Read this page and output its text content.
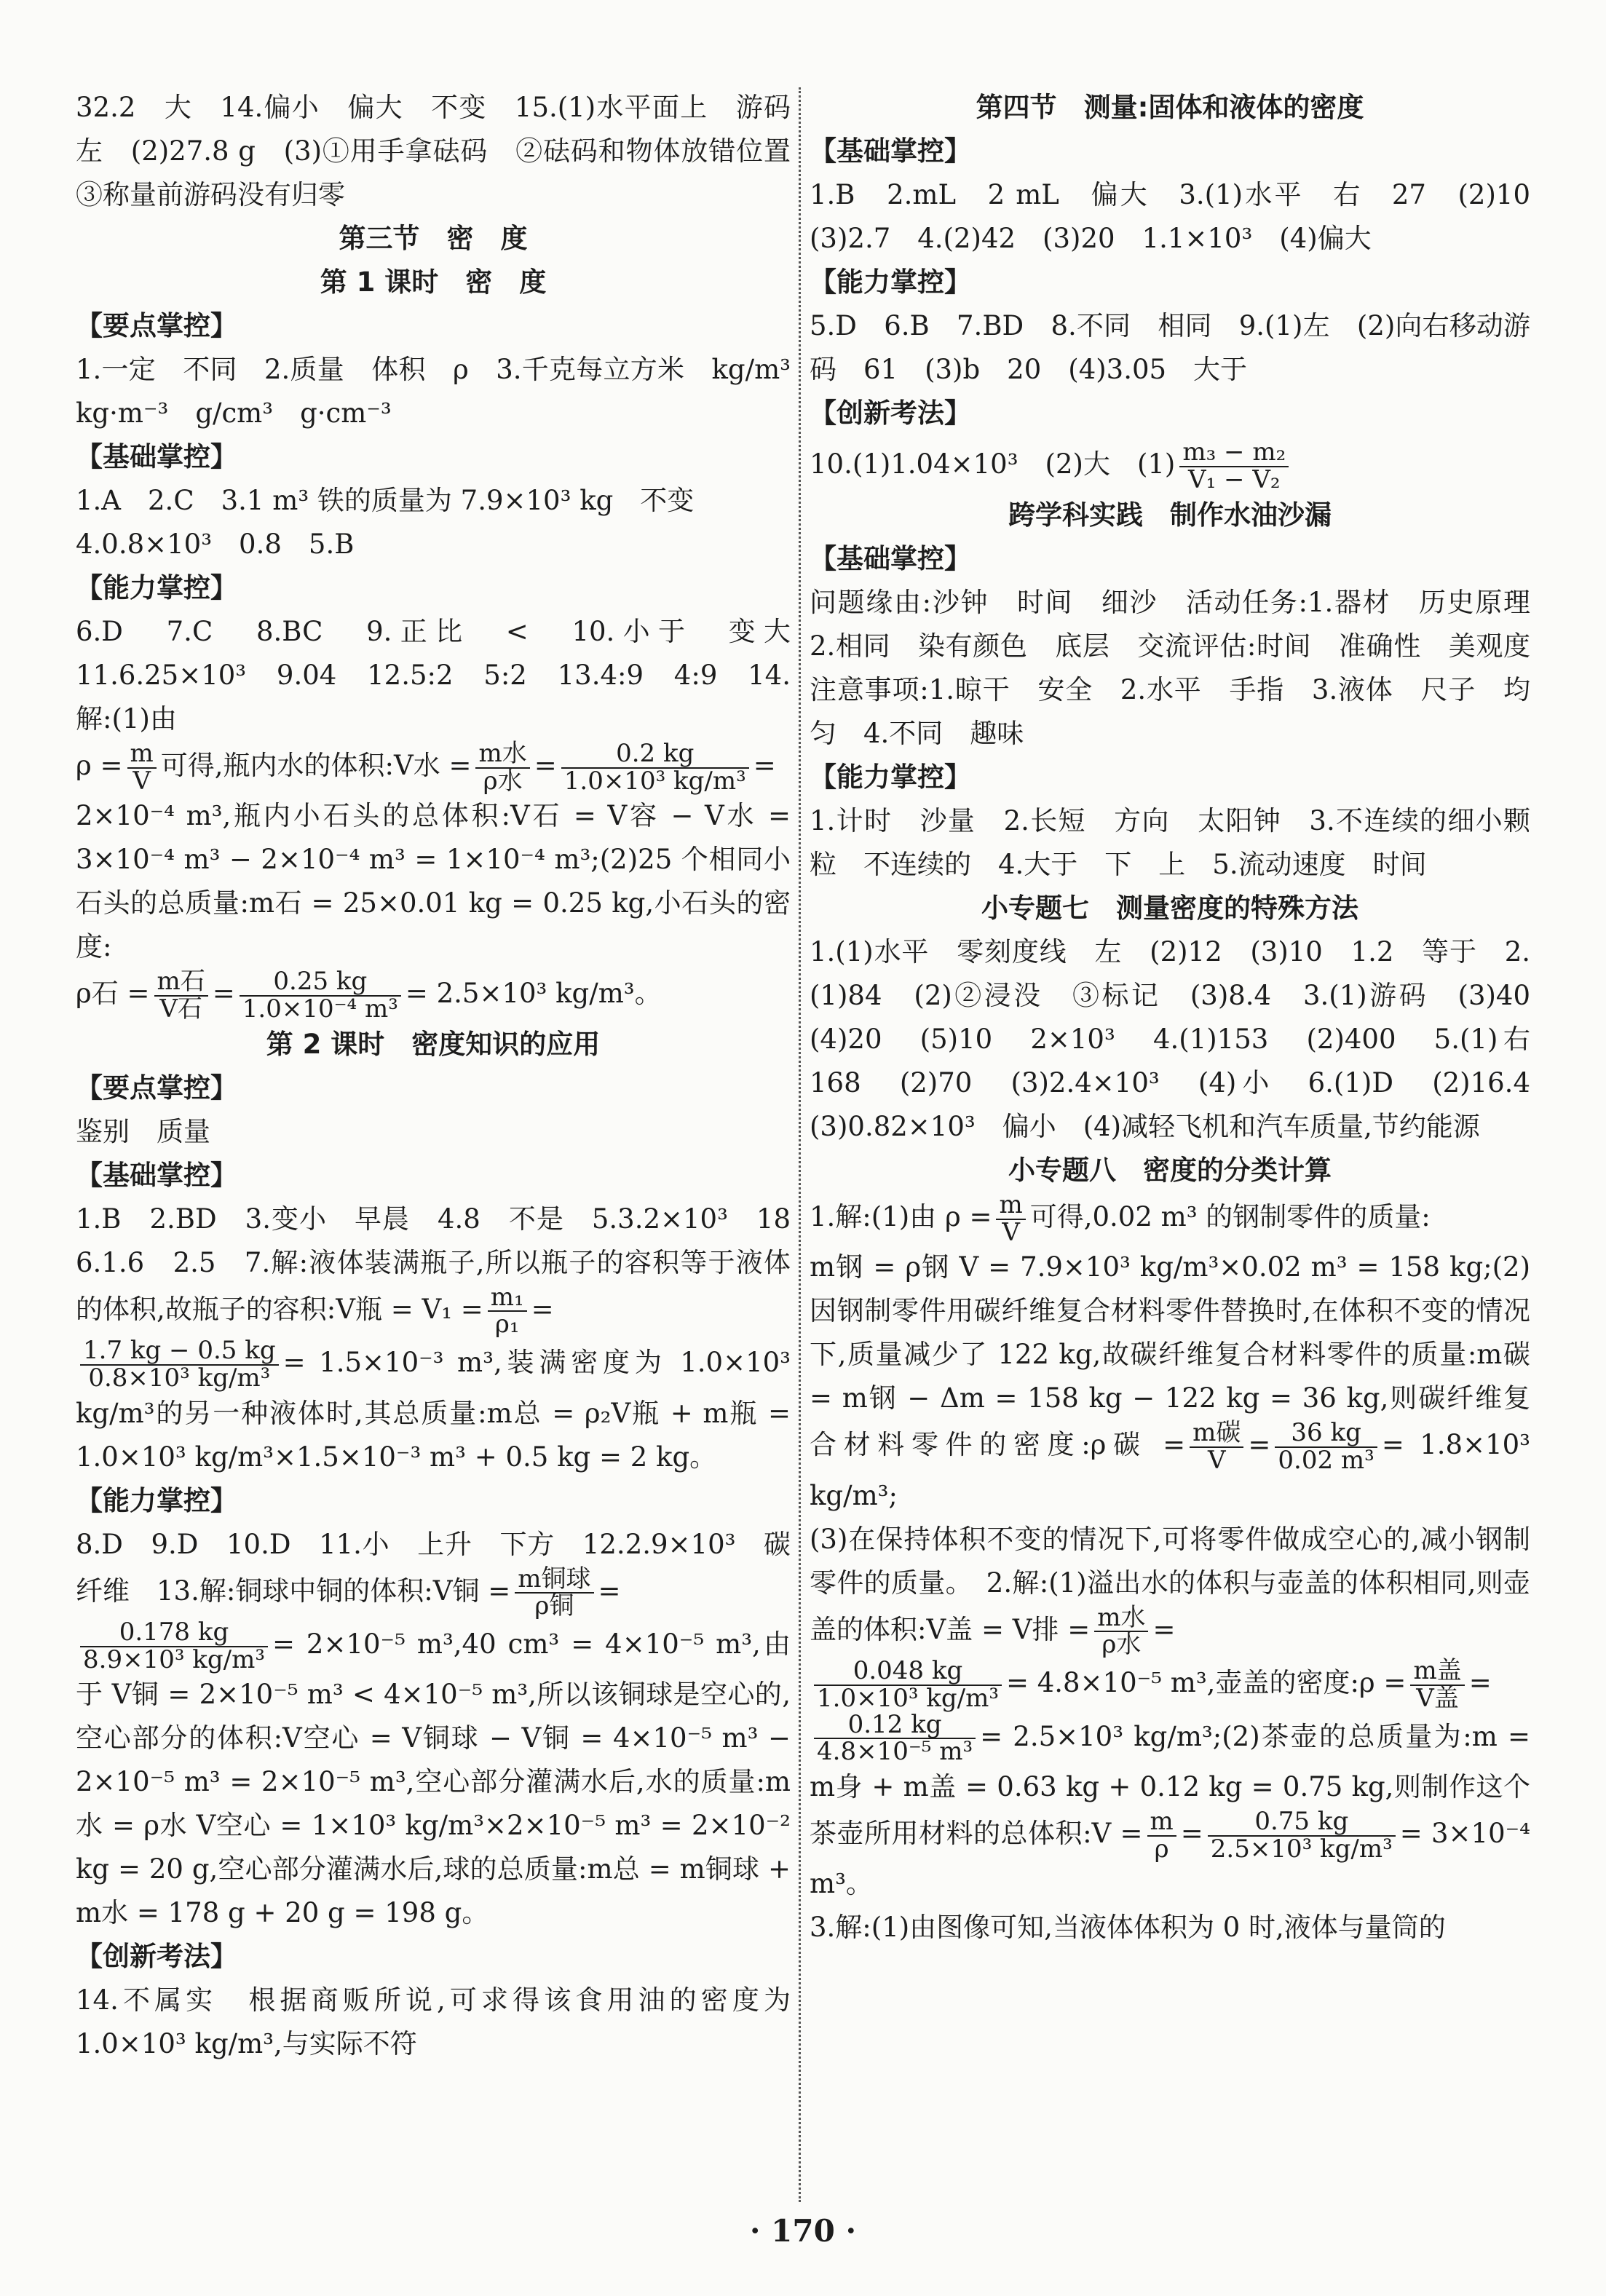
32.2　大　14.偏小　偏大　不变　15.(1)水平面上　游码　左　(2)27.8 g　(3)①用手拿砝码　②砝码和物体放错位置　③称量前游码没有归零
第三节　密　度
第 1 课时　密　度
【要点掌控】
1.一定　不同　2.质量　体积　ρ　3.千克每立方米　kg/m³　kg·m⁻³　g/cm³　g·cm⁻³
【基础掌控】
1.A　2.C　3.1 m³ 铁的质量为 7.9×10³ kg　不变
4.0.8×10³　0.8　5.B
【能力掌控】
6.D　7.C　8.BC　9.正比　<　10.小于　变大　11.6.25×10³　9.04　12.5:2　5:2　13.4:9　4:9　14.解:(1)由
$\rho = \frac{m}{V}$ 可得,瓶内水的体积:V水 = $\frac{\text{m水}}{\text{ρ水}} = \frac{0.2 kg}{\text{1.0×10³ kg/m³}}$ =
2×10⁻⁴ m³,瓶内小石头的总体积:V石 = V容 − V水 = 3×10⁻⁴ m³ − 2×10⁻⁴ m³ = 1×10⁻⁴ m³;(2)25 个相同小石头的总质量:m石 = 25×0.01 kg = 0.25 kg,小石头的密度:
ρ石 = $\frac{\text{m石}}{\text{V石}} = \frac{0.25 kg}{\text{1.0×10⁻⁴ m³}} = 2.5\times 10^3$ kg/m³。
第 2 课时　密度知识的应用
【要点掌控】
鉴别　质量
【基础掌控】
1.B　2.BD　3.变小　早晨　4.8　不是　5.3.2×10³　18　6.1.6　2.5　7.解:液体装满瓶子,所以瓶子的容积等于液体的体积,故瓶子的容积:V瓶 = $V_1 = \frac{\text{m₁}}{\text{ρ₁}}$ =
$\frac{1.7 kg - 0.5 kg}{\text{0.8×10³ kg/m³}} = 1.5\times 10^{-3}$ m³,装满密度为 1.0×10³ kg/m³的另一种液体时,其总质量:m总 = ρ₂V瓶 + m瓶 = 1.0×10³ kg/m³×1.5×10⁻³ m³ + 0.5 kg = 2 kg。
【能力掌控】
8.D　9.D　10.D　11.小　上升　下方　12.2.9×10³　碳纤维　13.解:铜球中铜的体积:V铜 = $\frac{\text{m铜球}}{\text{ρ铜}}$ =
$\frac{0.178 kg}{\text{8.9×10³ kg/m³}} = 2\times 10^{-5}$ m³,40 cm³ = 4×10⁻⁵ m³,由于 V铜 = 2×10⁻⁵ m³ < 4×10⁻⁵ m³,所以该铜球是空心的,空心部分的体积:V空心 = V铜球 − V铜 = 4×10⁻⁵ m³ − 2×10⁻⁵ m³ = 2×10⁻⁵ m³,空心部分灌满水后,水的质量:m水 = ρ水 V空心 = 1×10³ kg/m³×2×10⁻⁵ m³ = 2×10⁻² kg = 20 g,空心部分灌满水后,球的总质量:m总 = m铜球 + m水 = 178 g + 20 g = 198 g。
【创新考法】
14.不属实　根据商贩所说,可求得该食用油的密度为 1.0×10³ kg/m³,与实际不符
第四节　测量:固体和液体的密度
【基础掌控】
1.B　2.mL　2 mL　偏大　3.(1)水平　右　27　(2)10　(3)2.7　4.(2)42　(3)20　1.1×10³　(4)偏大
【能力掌控】
5.D　6.B　7.BD　8.不同　相同　9.(1)左　(2)向右移动游码　61　(3)b　20　(4)3.05　大于
【创新考法】
10.(1)1.04×10³　(2)大　$(1) \frac{\text{m₃ − m₂}}{\text{V₁ − V₂}}$
跨学科实践　制作水油沙漏
【基础掌控】
问题缘由:沙钟　时间　细沙　活动任务:1.器材　历史原理　2.相同　染有颜色　底层　交流评估:时间　准确性　美观度　注意事项:1.晾干　安全　2.水平　手指　3.液体　尺子　均匀　4.不同　趣味
【能力掌控】
1.计时　沙量　2.长短　方向　太阳钟　3.不连续的细小颗粒　不连续的　4.大于　下　上　5.流动速度　时间
小专题七　测量密度的特殊方法
1.(1)水平　零刻度线　左　(2)12　(3)10　1.2　等于　2.(1)84　(2)②浸没　③标记　(3)8.4　3.(1)游码　(3)40　(4)20　(5)10　2×10³　4.(1)153　(2)400　5.(1)右　168　(2)70　(3)2.4×10³　(4)小　6.(1)D　(2)16.4　(3)0.82×10³　偏小　(4)减轻飞机和汽车质量,节约能源
小专题八　密度的分类计算
1.解:(1)由 $\rho = \frac{m}{V}$ 可得,0.02 m³ 的钢制零件的质量:
m钢 = ρ钢 V = 7.9×10³ kg/m³×0.02 m³ = 158 kg;(2)因钢制零件用碳纤维复合材料零件替换时,在体积不变的情况下,质量减少了 122 kg,故碳纤维复合材料零件的质量:m碳 = m钢 − Δm = 158 kg − 122 kg = 36 kg,则碳纤维复合材料零件的密度:ρ碳 = $\frac{\text{m碳}}{V} = \frac{36 kg}{\text{0.02 m³}} = 1.8\times 10^3$ kg/m³;
(3)在保持体积不变的情况下,可将零件做成空心的,减小钢制零件的质量。　2.解:(1)溢出水的体积与壶盖的体积相同,则壶盖的体积:V盖 = V排 = $\frac{\text{m水}}{\text{ρ水}}$ =
$\frac{0.048 kg}{\text{1.0×10³ kg/m³}} = 4.8\times 10^{-5}$ m³,壶盖的密度:ρ = $\frac{\text{m盖}}{\text{V盖}}$ =
$\frac{0.12 kg}{\text{4.8×10⁻⁵ m³}} = 2.5\times 10^3$ kg/m³;(2)茶壶的总质量为:m = m身 + m盖 = 0.63 kg + 0.12 kg = 0.75 kg,则制作这个茶壶所用材料的总体积:V = $\frac{m}{\rho} = \frac{0.75 kg}{\text{2.5×10³ kg/m³}} = 3\times 10^{-4}$ m³。
3.解:(1)由图像可知,当液体体积为 0 时,液体与量筒的
· 170 ·
